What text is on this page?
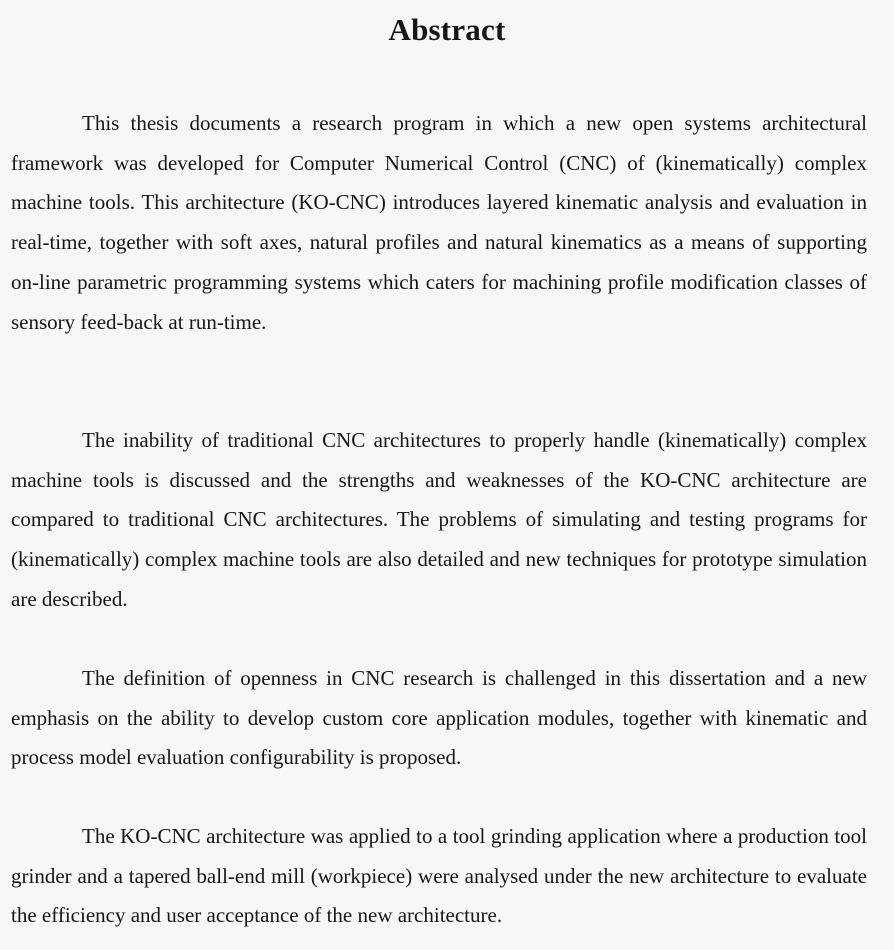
Abstract

This thesis documents a research program in which a new open systems architectural framework was developed for Computer Numerical Control (CNC) of (kinematically) complex machine tools. This architecture (KO-CNC) introduces layered kinematic analysis and evaluation in real-time, together with soft axes, natural profiles and natural kinematics as a means of supporting on-line parametric programming systems which caters for machining profile modification classes of sensory feed-back at run-time.

The inability of traditional CNC architectures to properly handle (kinematically) complex machine tools is discussed and the strengths and weaknesses of the KO-CNC architecture are compared to traditional CNC architectures. The problems of simulating and testing programs for (kinematically) complex machine tools are also detailed and new techniques for prototype simulation are described.

The definition of openness in CNC research is challenged in this dissertation and a new emphasis on the ability to develop custom core application modules, together with kinematic and process model evaluation configurability is proposed.

The KO-CNC architecture was applied to a tool grinding application where a production tool grinder and a tapered ball-end mill (workpiece) were analysed under the new architecture to evaluate the efficiency and user acceptance of the new architecture.
